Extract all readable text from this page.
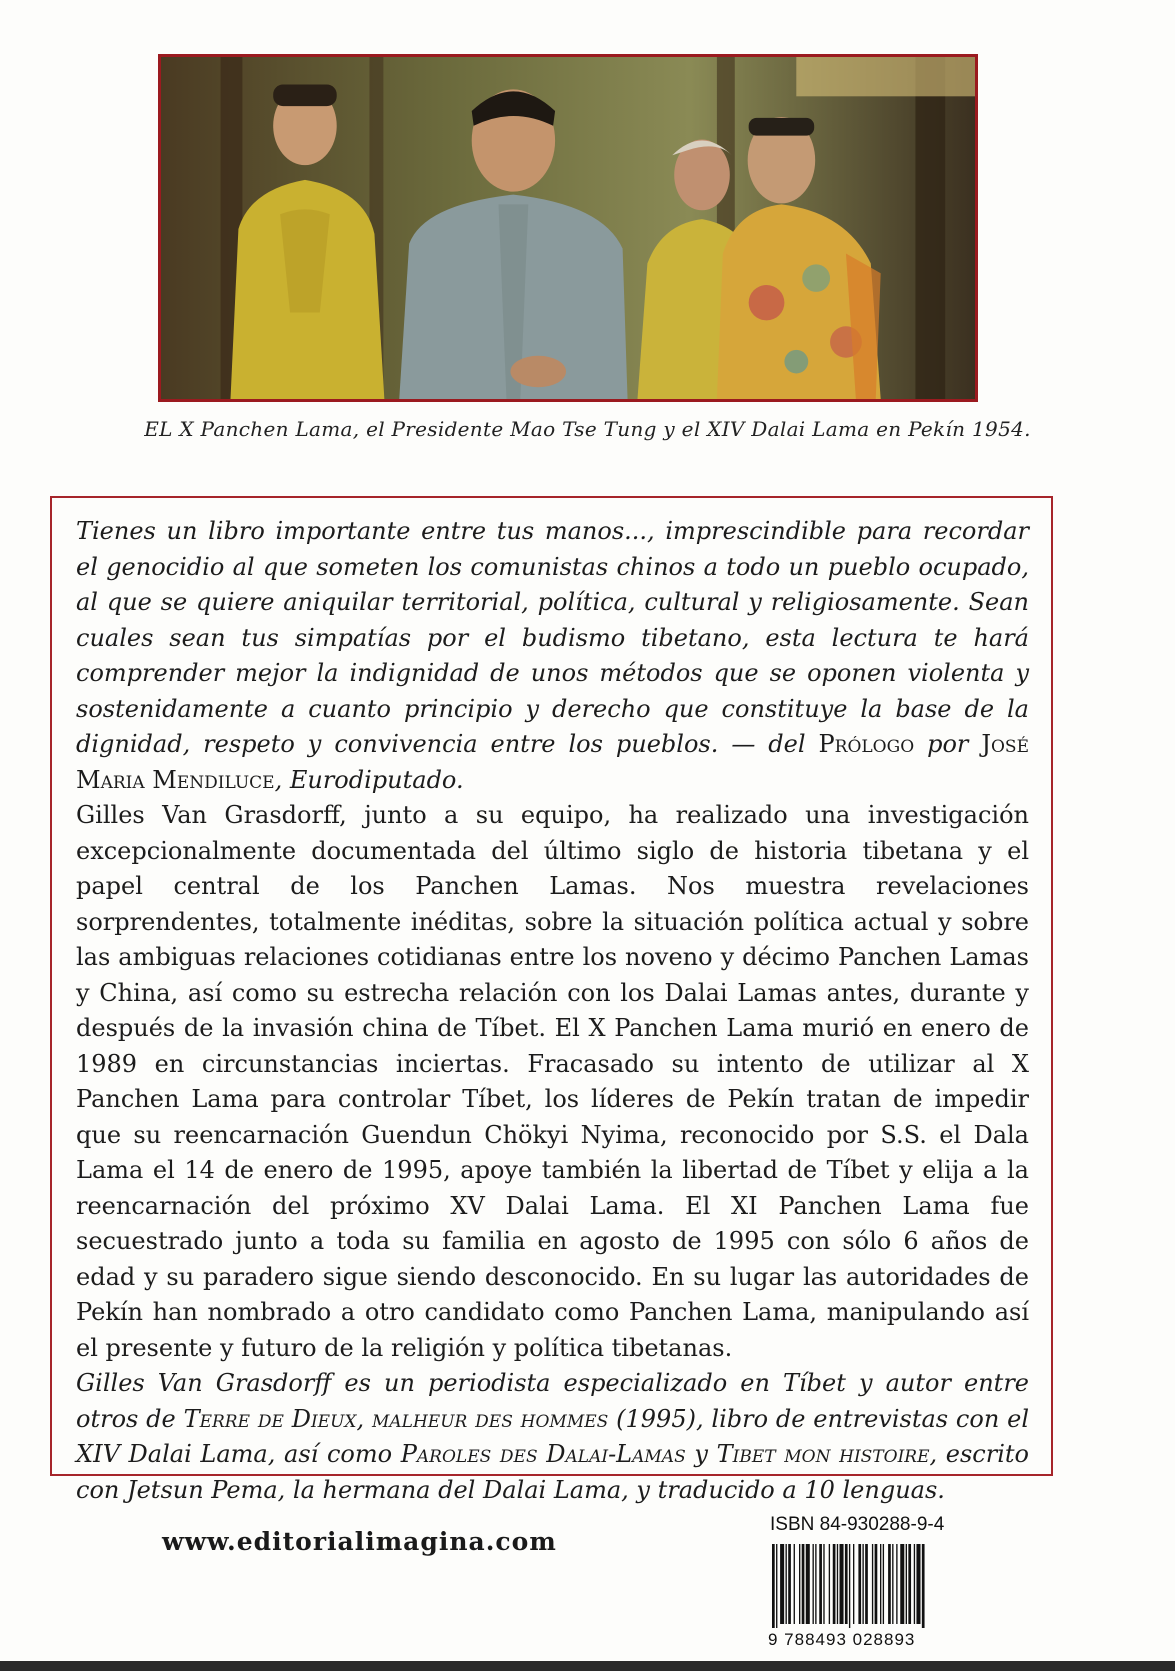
EL X Panchen Lama, el Presidente Mao Tse Tung y el XIV Dalai Lama en Pekín 1954.

Tienes un libro importante entre tus manos..., imprescindible para recordar el genocidio al que someten los comunistas chinos a todo un pueblo ocupado, al que se quiere aniquilar territorial, política, cultural y religiosamente. Sean cuales sean tus simpatías por el budismo tibetano, esta lectura te hará comprender mejor la indignidad de unos métodos que se oponen violenta y sostenidamente a cuanto principio y derecho que constituye la base de la dignidad, respeto y convivencia entre los pueblos. — del Prólogo por José Maria Mendiluce, Eurodiputado.

Gilles Van Grasdorff, junto a su equipo, ha realizado una investigación excepcionalmente documentada del último siglo de historia tibetana y el papel central de los Panchen Lamas. Nos muestra revelaciones sorprendentes, totalmente inéditas, sobre la situación política actual y sobre las ambiguas relaciones cotidianas entre los noveno y décimo Panchen Lamas y China, así como su estrecha relación con los Dalai Lamas antes, durante y después de la invasión china de Tíbet. El X Panchen Lama murió en enero de 1989 en circunstancias inciertas. Fracasado su intento de utilizar al X Panchen Lama para controlar Tíbet, los líderes de Pekín tratan de impedir que su reencarnación Guendun Chökyi Nyima, reconocido por S.S. el Dala Lama el 14 de enero de 1995, apoye también la libertad de Tíbet y elija a la reencarnación del próximo XV Dalai Lama. El XI Panchen Lama fue secuestrado junto a toda su familia en agosto de 1995 con sólo 6 años de edad y su paradero sigue siendo desconocido. En su lugar las autoridades de Pekín han nombrado a otro candidato como Panchen Lama, manipulando así el presente y futuro de la religión y política tibetanas.

Gilles Van Grasdorff es un periodista especializado en Tíbet y autor entre otros de Terre de Dieux, malheur des hommes (1995), libro de entrevistas con el XIV Dalai Lama, así como Paroles des Dalai-Lamas y Tibet mon histoire, escrito con Jetsun Pema, la hermana del Dalai Lama, y traducido a 10 lenguas.

www.editorialimagina.com
ISBN 84-930288-9-4
9 788493 028893
